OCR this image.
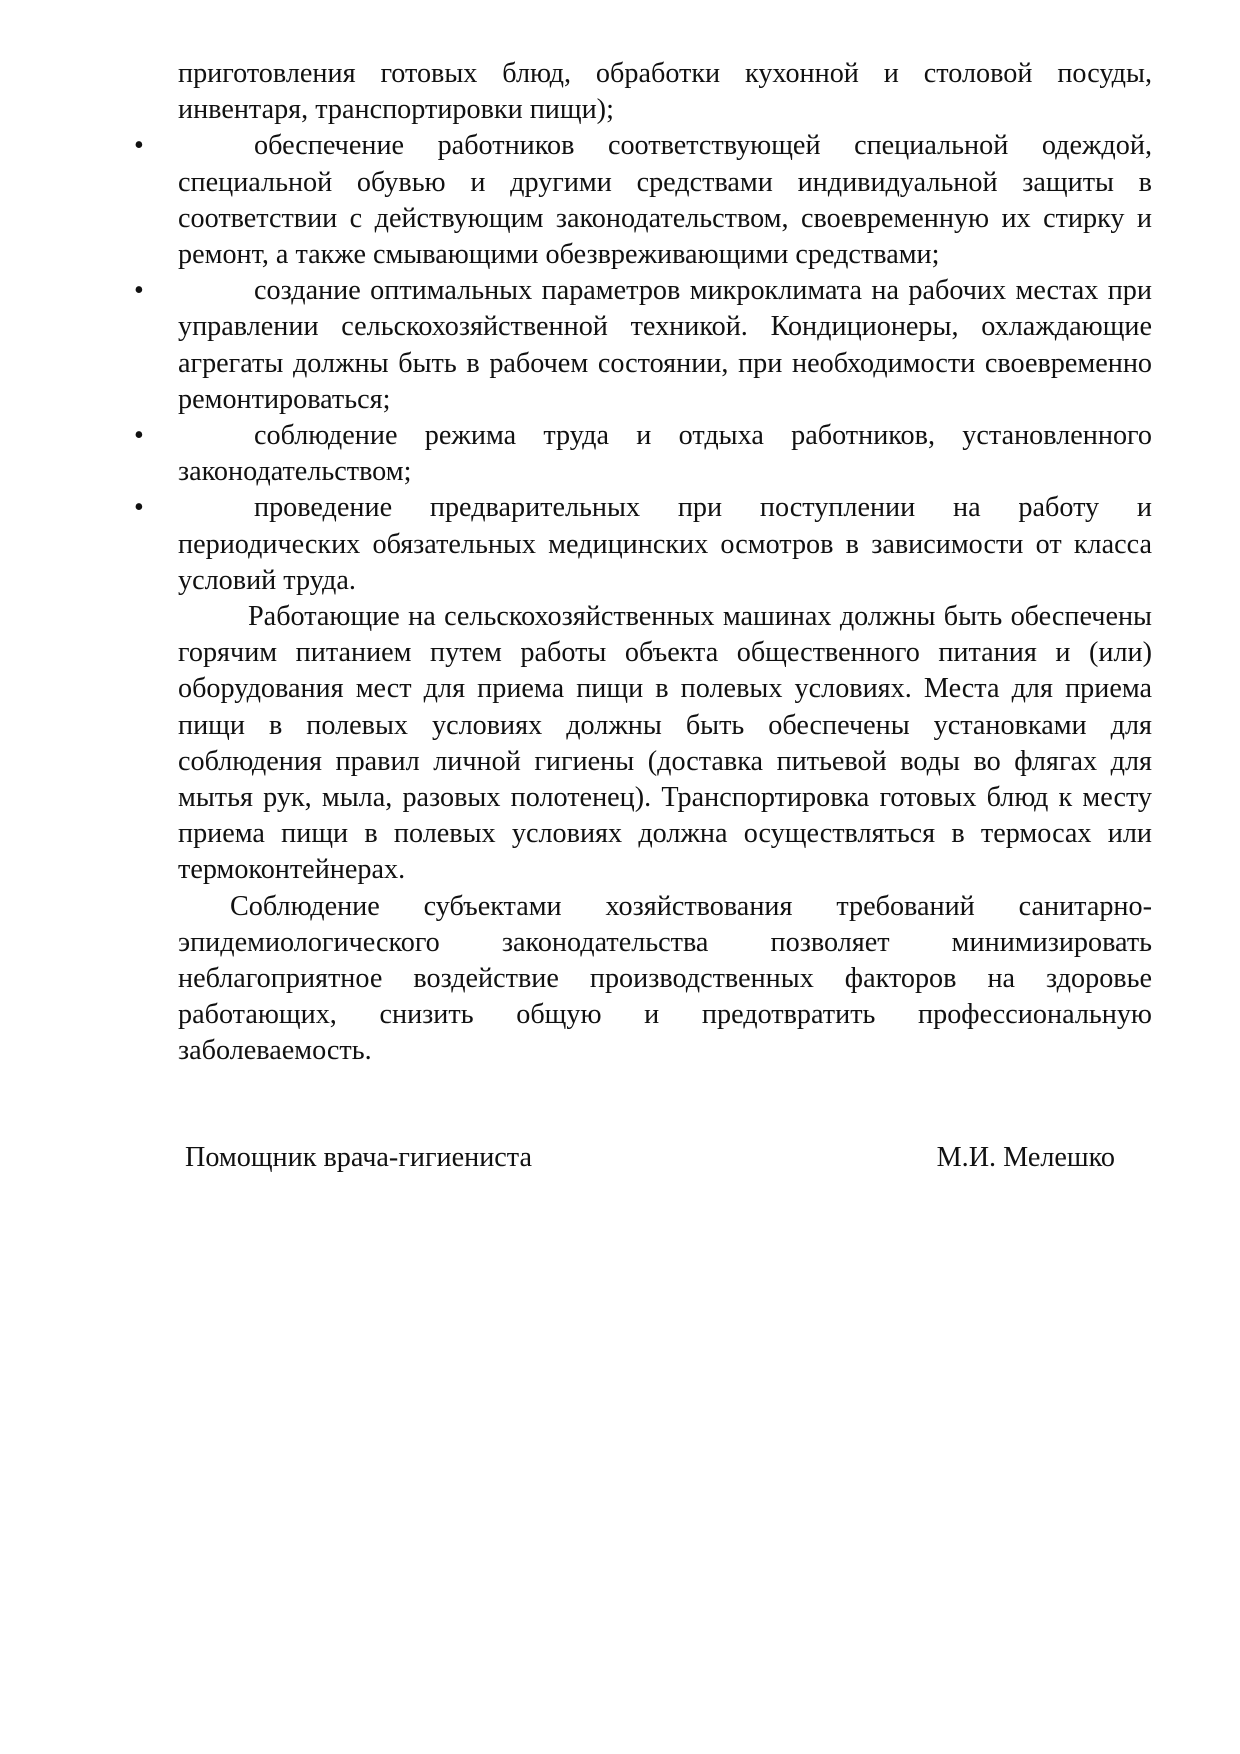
приготовления готовых блюд, обработки кухонной и столовой посуды, инвентаря, транспортировки пищи);

•	обеспечение работников соответствующей специальной одеждой, специальной обувью и другими средствами индивидуальной защиты в соответствии с действующим законодательством, своевременную их стирку и ремонт, а также смывающими обезвреживающими средствами;

•	создание оптимальных параметров микроклимата на рабочих местах при управлении сельскохозяйственной техникой. Кондиционеры, охлаждающие агрегаты должны быть в рабочем состоянии, при необходимости своевременно ремонтироваться;

•	соблюдение режима труда и отдыха работников, установленного законодательством;

•	проведение предварительных при поступлении на работу и периодических обязательных медицинских осмотров в зависимости от класса условий труда.

Работающие на сельскохозяйственных машинах должны быть обеспечены горячим питанием путем работы объекта общественного питания и (или) оборудования мест для приема пищи в полевых условиях. Места для приема пищи в полевых условиях должны быть обеспечены установками для соблюдения правил личной гигиены (доставка питьевой воды во флягах для мытья рук, мыла, разовых полотенец). Транспортировка готовых блюд к месту приема пищи в полевых условиях должна осуществляться в термосах или термоконтейнерах.

Соблюдение субъектами хозяйствования требований санитарно-эпидемиологического законодательства позволяет минимизировать неблагоприятное воздействие производственных факторов на здоровье работающих, снизить общую и предотвратить профессиональную заболеваемость.

Помощник врача-гигиениста	М.И. Мелешко
